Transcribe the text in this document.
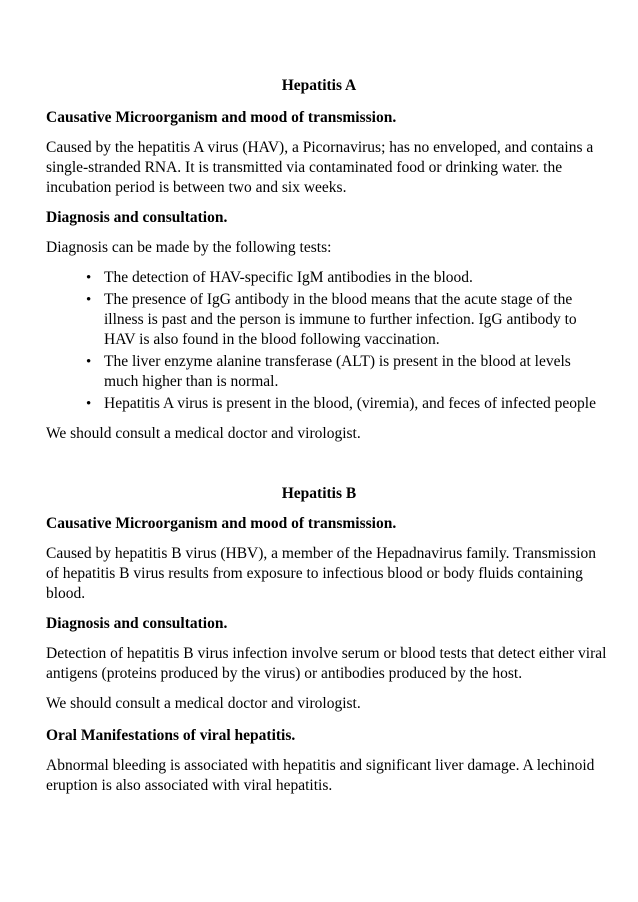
Hepatitis A

Causative Microorganism and mood of transmission.

Caused by the hepatitis A virus (HAV), a Picornavirus; has no enveloped, and contains a

single-stranded RNA. It is transmitted via contaminated food or drinking water. the

incubation period is between two and six weeks.

Diagnosis and consultation.

Diagnosis can be made by the following tests:

• The detection of HAV-specific IgM antibodies in the blood.

• The presence of IgG antibody in the blood means that the acute stage of the

illness is past and the person is immune to further infection. IgG antibody to

HAV is also found in the blood following vaccination.

• The liver enzyme alanine transferase (ALT) is present in the blood at levels

much higher than is normal.

• Hepatitis A virus is present in the blood, (viremia), and feces of infected people

We should consult a medical doctor and virologist.

Hepatitis B

Causative Microorganism and mood of transmission.

Caused by hepatitis B virus (HBV), a member of the Hepadnavirus family. Transmission

of hepatitis B virus results from exposure to infectious blood or body fluids containing

blood.

Diagnosis and consultation.

Detection of hepatitis B virus infection involve serum or blood tests that detect either viral

antigens (proteins produced by the virus) or antibodies produced by the host.

We should consult a medical doctor and virologist.

Oral Manifestations of viral hepatitis.

Abnormal bleeding is associated with hepatitis and significant liver damage. A lechinoid

eruption is also associated with viral hepatitis.
